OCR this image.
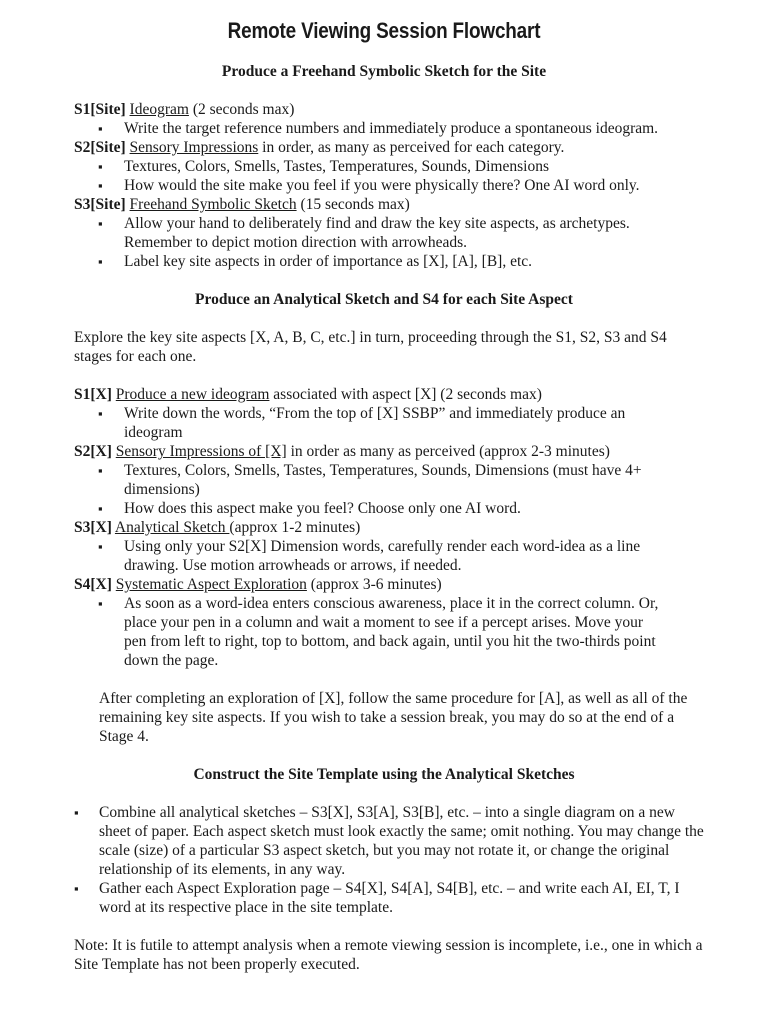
Remote Viewing Session Flowchart
Produce a Freehand Symbolic Sketch for the Site

S1[Site] Ideogram (2 seconds max)

▪ Write the target reference numbers and immediately produce a spontaneous ideogram.

S2[Site] Sensory Impressions in order, as many as perceived for each category.

▪ Textures, Colors, Smells, Tastes, Temperatures, Sounds, Dimensions
▪ How would the site make you feel if you were physically there? One AI word only.

S3[Site] Freehand Symbolic Sketch (15 seconds max)

▪ Allow your hand to deliberately find and draw the key site aspects, as archetypes. Remember to depict motion direction with arrowheads.
▪ Label key site aspects in order of importance as [X], [A], [B], etc.
Produce an Analytical Sketch and S4 for each Site Aspect

Explore the key site aspects [X, A, B, C, etc.] in turn, proceeding through the S1, S2, S3 and S4 stages for each one.

S1[X] Produce a new ideogram associated with aspect [X] (2 seconds max)

▪ Write down the words, “From the top of [X] SSBP” and immediately produce an ideogram

S2[X] Sensory Impressions of [X] in order as many as perceived (approx 2-3 minutes)

▪ Textures, Colors, Smells, Tastes, Temperatures, Sounds, Dimensions (must have 4+ dimensions)
▪ How does this aspect make you feel? Choose only one AI word.

S3[X] Analytical Sketch (approx 1-2 minutes)

▪ Using only your S2[X] Dimension words, carefully render each word-idea as a line drawing. Use motion arrowheads or arrows, if needed.

S4[X] Systematic Aspect Exploration (approx 3-6 minutes)

▪ As soon as a word-idea enters conscious awareness, place it in the correct column. Or, place your pen in a column and wait a moment to see if a percept arises. Move your pen from left to right, top to bottom, and back again, until you hit the two-thirds point down the page.

After completing an exploration of [X], follow the same procedure for [A], as well as all of the remaining key site aspects. If you wish to take a session break, you may do so at the end of a Stage 4.

Construct the Site Template using the Analytical Sketches
▪ Combine all analytical sketches – S3[X], S3[A], S3[B], etc. – into a single diagram on a new sheet of paper. Each aspect sketch must look exactly the same; omit nothing. You may change the scale (size) of a particular S3 aspect sketch, but you may not rotate it, or change the original relationship of its elements, in any way.
▪ Gather each Aspect Exploration page – S4[X], S4[A], S4[B], etc. – and write each AI, EI, T, I word at its respective place in the site template.

Note: It is futile to attempt analysis when a remote viewing session is incomplete, i.e., one in which a Site Template has not been properly executed.
